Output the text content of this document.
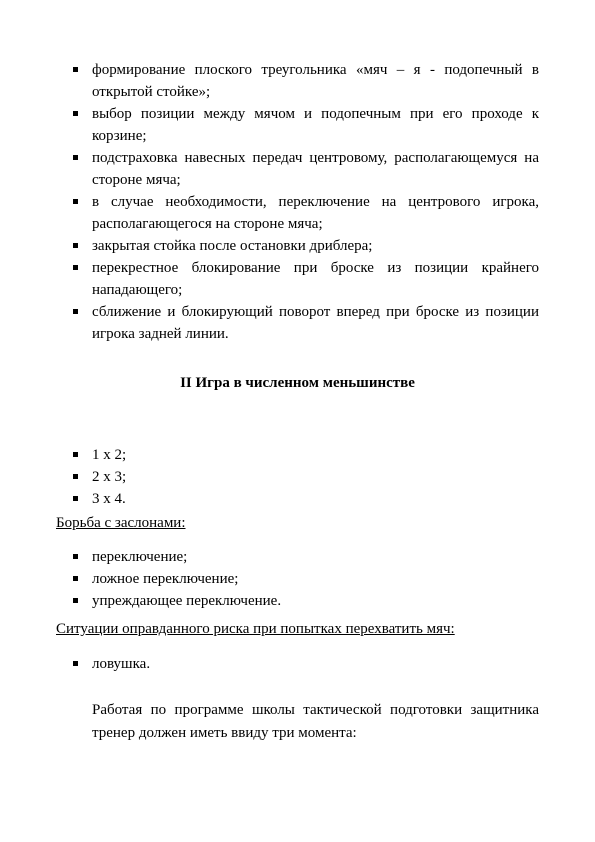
формирование плоского треугольника «мяч – я - подопечный в открытой стойке»;
выбор позиции между мячом и подопечным при его проходе к корзине;
подстраховка навесных передач центровому, располагающемуся на стороне мяча;
в случае необходимости, переключение на центрового игрока, располагающегося на стороне мяча;
закрытая стойка после остановки дриблера;
перекрестное блокирование при броске из позиции крайнего нападающего;
сближение и блокирующий поворот вперед при броске из позиции игрока задней линии.
II Игра в численном меньшинстве
1 х 2;
2 х 3;
3 х 4.
Борьба с заслонами:
переключение;
ложное переключение;
упреждающее переключение.
Ситуации оправданного риска при попытках перехватить мяч:
ловушка.

Работая по программе школы тактической подготовки защитника тренер должен иметь ввиду три момента:
